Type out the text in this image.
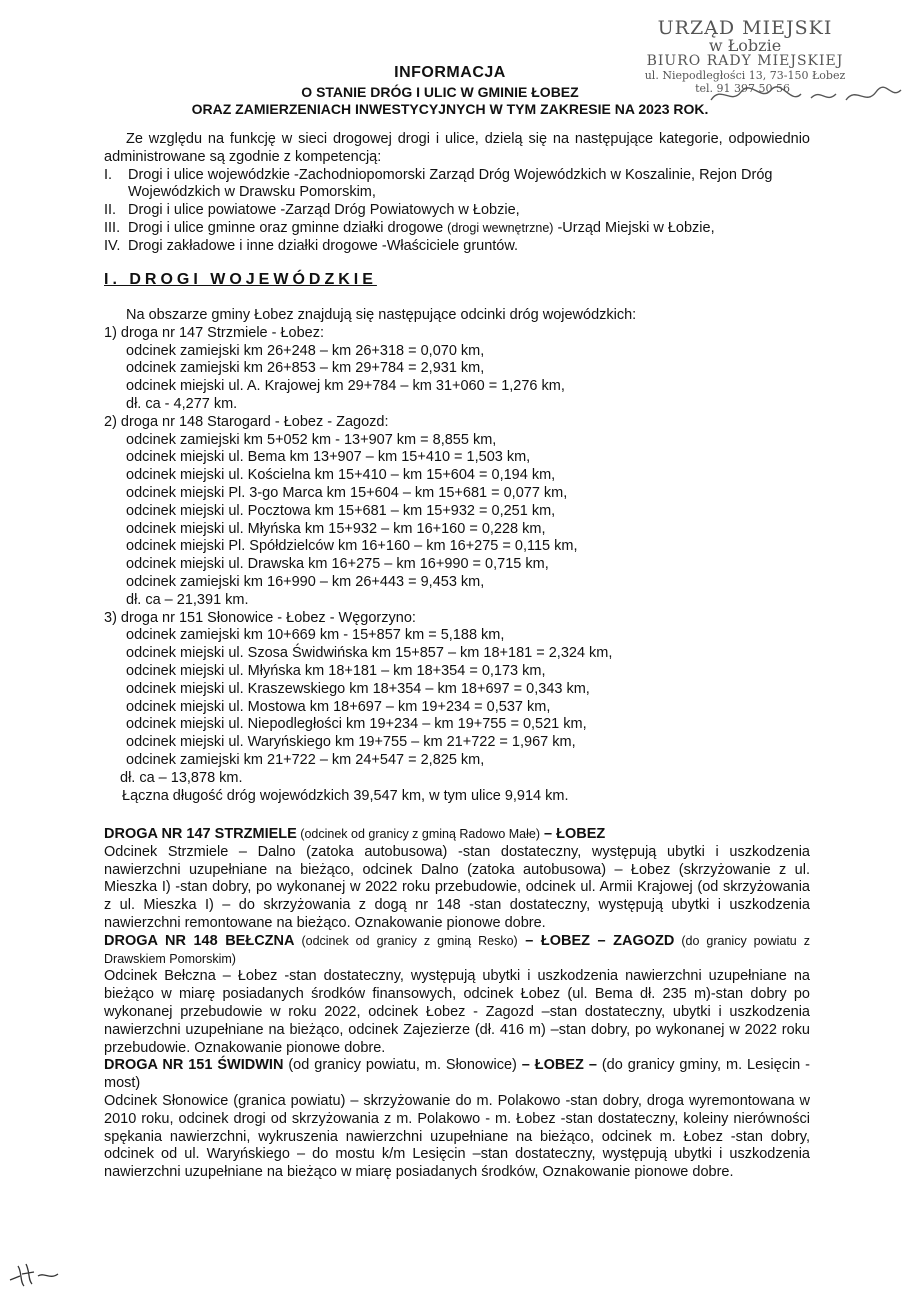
URZĄD MIEJSKI
w Łobzie
BIURO RADY MIEJSKIEJ
ul. Niepodległości 13, 73-150 Łobez
tel. 91 397 50 56
INFORMACJA
O STANIE DRÓG I ULIC W GMINIE ŁOBEZ
ORAZ ZAMIERZENIACH INWESTYCYJNYCH W TYM ZAKRESIE NA 2023 ROK.

Ze względu na funkcję w sieci drogowej drogi i ulice, dzielą się na następujące kategorie, odpowiednio administrowane są zgodnie z kompetencją:

I.	Drogi i ulice wojewódzkie -Zachodniopomorski Zarząd Dróg Wojewódzkich w Koszalinie, Rejon Dróg Wojewódzkich w Drawsku Pomorskim,
II. Drogi i ulice powiatowe -Zarząd Dróg Powiatowych w Łobzie,
III. Drogi i ulice gminne oraz gminne działki drogowe (drogi wewnętrzne) -Urząd Miejski w Łobzie,
IV. Drogi zakładowe i inne działki drogowe -Właściciele gruntów.
I. DROGI WOJEWÓDZKIE
Na obszarze gminy Łobez znajdują się następujące odcinki dróg wojewódzkich:
1) droga nr 147 Strzmiele - Łobez:
odcinek zamiejski km 26+248 – km 26+318 = 0,070 km,
odcinek zamiejski km 26+853 – km 29+784 = 2,931 km,
odcinek miejski ul. A. Krajowej km 29+784 – km 31+060 = 1,276 km,
dł. ca - 4,277 km.
2) droga nr 148 Starogard - Łobez - Zagozd:
odcinek zamiejski km 5+052 km - 13+907 km = 8,855 km,
odcinek miejski ul. Bema km 13+907 – km 15+410 = 1,503 km,
odcinek miejski ul. Kościelna km 15+410 – km 15+604 = 0,194 km,
odcinek miejski Pl. 3-go Marca km 15+604 – km 15+681 = 0,077 km,
odcinek miejski ul. Pocztowa km 15+681 – km 15+932 = 0,251 km,
odcinek miejski ul. Młyńska km 15+932 – km 16+160 = 0,228 km,
odcinek miejski Pl. Spółdzielców km 16+160 – km 16+275 = 0,115 km,
odcinek miejski ul. Drawska km 16+275 – km 16+990 = 0,715 km,
odcinek zamiejski km 16+990 – km 26+443 = 9,453 km,
dł. ca – 21,391 km.
3) droga nr 151 Słonowice - Łobez - Węgorzyno:
odcinek zamiejski km 10+669 km - 15+857 km = 5,188 km,
odcinek miejski ul. Szosa Świdwińska km 15+857 – km 18+181 = 2,324 km,
odcinek miejski ul. Młyńska km 18+181 – km 18+354 = 0,173 km,
odcinek miejski ul. Kraszewskiego km 18+354 – km 18+697 = 0,343 km,
odcinek miejski ul. Mostowa km 18+697 – km 19+234 = 0,537 km,
odcinek miejski ul. Niepodległości km 19+234 – km 19+755 = 0,521 km,
odcinek miejski ul. Waryńskiego km 19+755 – km 21+722 = 1,967 km,
odcinek zamiejski km 21+722 – km 24+547 = 2,825 km,
dł. ca – 13,878 km.
Łączna długość dróg wojewódzkich 39,547 km, w tym ulice 9,914 km.
DROGA NR 147 STRZMIELE (odcinek od granicy z gminą Radowo Małe) – ŁOBEZ

Odcinek Strzmiele – Dalno (zatoka autobusowa) -stan dostateczny, występują ubytki i uszkodzenia nawierzchni uzupełniane na bieżąco, odcinek Dalno (zatoka autobusowa) – Łobez (skrzyżowanie z ul. Mieszka I) -stan dobry, po wykonanej w 2022 roku przebudowie, odcinek ul. Armii Krajowej (od skrzyżowania z ul. Mieszka I) – do skrzyżowania z dogą nr 148 -stan dostateczny, występują ubytki i uszkodzenia nawierzchni remontowane na bieżąco. Oznakowanie pionowe dobre.

DROGA NR 148 BEŁCZNA (odcinek od granicy z gminą Resko) – ŁOBEZ – ZAGOZD (do granicy powiatu z Drawskiem Pomorskim)

Odcinek Bełczna – Łobez -stan dostateczny, występują ubytki i uszkodzenia nawierzchni uzupełniane na bieżąco w miarę posiadanych środków finansowych, odcinek Łobez (ul. Bema dł. 235 m)-stan dobry po wykonanej przebudowie w roku 2022, odcinek Łobez - Zagozd –stan dostateczny, ubytki i uszkodzenia nawierzchni uzupełniane na bieżąco, odcinek Zajezierze (dł. 416 m) –stan dobry, po wykonanej w 2022 roku przebudowie. Oznakowanie pionowe dobre.

DROGA NR 151 ŚWIDWIN (od granicy powiatu, m. Słonowice) – ŁOBEZ – (do granicy gminy, m. Lesięcin - most)

Odcinek Słonowice (granica powiatu) – skrzyżowanie do m. Polakowo -stan dobry, droga wyremontowana w 2010 roku, odcinek drogi od skrzyżowania z m. Polakowo - m. Łobez -stan dostateczny, koleiny nierówności spękania nawierzchni, wykruszenia nawierzchni uzupełniane na bieżąco, odcinek m. Łobez -stan dobry, odcinek od ul. Waryńskiego – do mostu k/m Lesięcin –stan dostateczny, występują ubytki i uszkodzenia nawierzchni uzupełniane na bieżąco w miarę posiadanych środków, Oznakowanie pionowe dobre.
